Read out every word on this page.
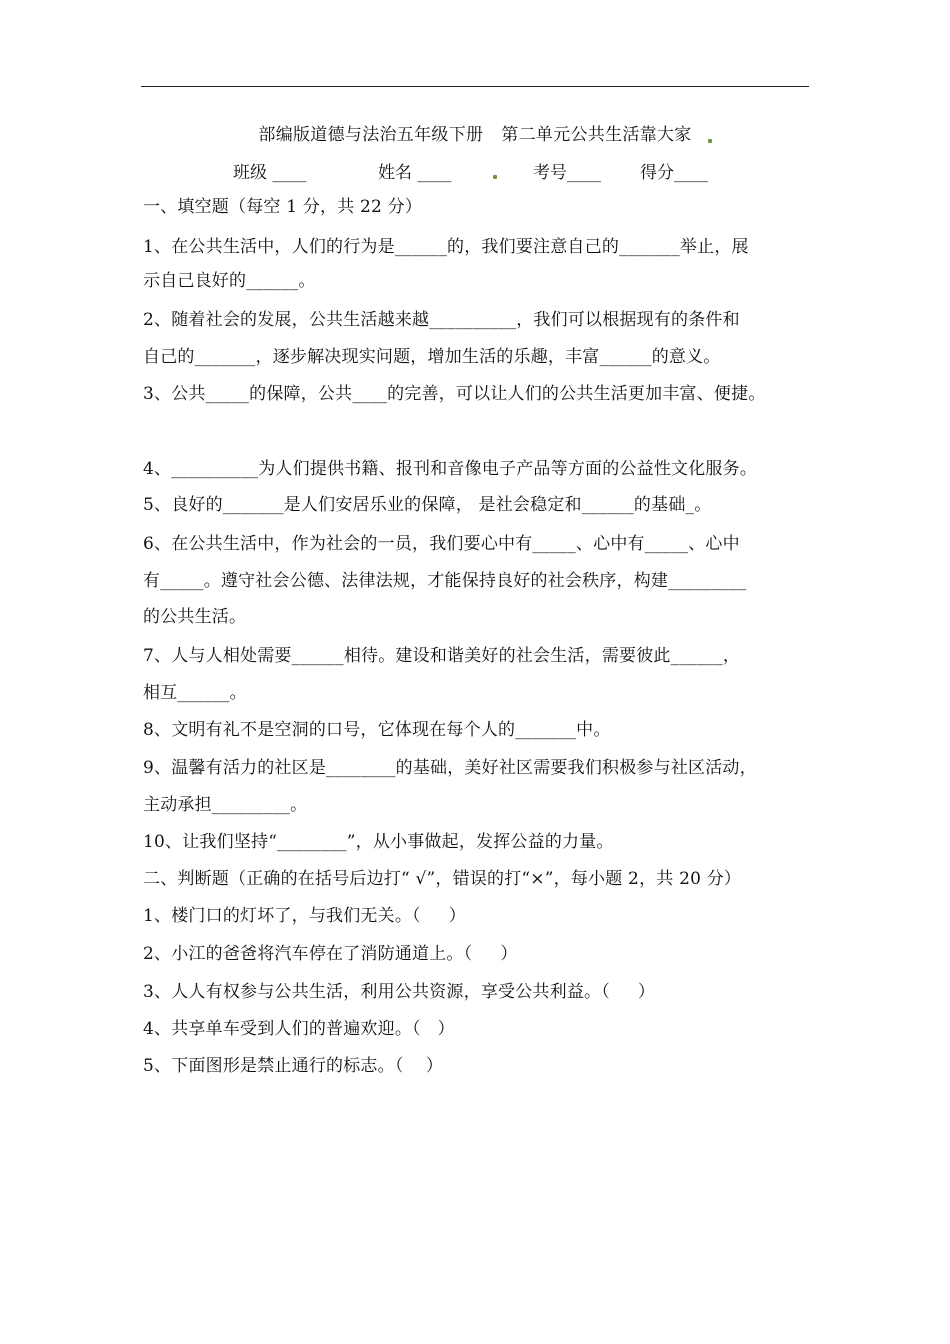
部编版道德与法治五年级下册 第二单元公共生活靠大家
班级 ____	姓名 ____	考号____ 得分____
一、填空题（每空 1 分，共 22 分）
1、在公共生活中，人们的行为是______的，我们要注意自己的_______举止，展
示自己良好的______。
2、随着社会的发展，公共生活越来越__________，我们可以根据现有的条件和
自己的_______，逐步解决现实问题，增加生活的乐趣，丰富______的意义。
3、公共_____的保障，公共____的完善，可以让人们的公共生活更加丰富、便捷。
4、__________为人们提供书籍、报刊和音像电子产品等方面的公益性文化服务。
5、良好的_______是人们安居乐业的保障， 是社会稳定和______的基础_。
6、在公共生活中，作为社会的一员，我们要心中有_____、心中有_____、心中
有_____。遵守社会公德、法律法规，才能保持良好的社会秩序，构建_________
的公共生活。
7、人与人相处需要______相待。建设和谐美好的社会生活，需要彼此______，
相互______。
8、文明有礼不是空洞的口号，它体现在每个人的_______中。
9、温馨有活力的社区是________的基础，美好社区需要我们积极参与社区活动，
主动承担_________。
10、让我们坚持“________”，从小事做起，发挥公益的力量。
二、判断题（正确的在括号后边打“ √”，错误的打“×”，每小题 2，共 20 分）
1、楼门口的灯坏了，与我们无关。（     ）
2、小江的爸爸将汽车停在了消防通道上。（     ）
3、人人有权参与公共生活，利用公共资源，享受公共利益。（     ）
4、共享单车受到人们的普遍欢迎。（   ）
5、下面图形是禁止通行的标志。（    ）
